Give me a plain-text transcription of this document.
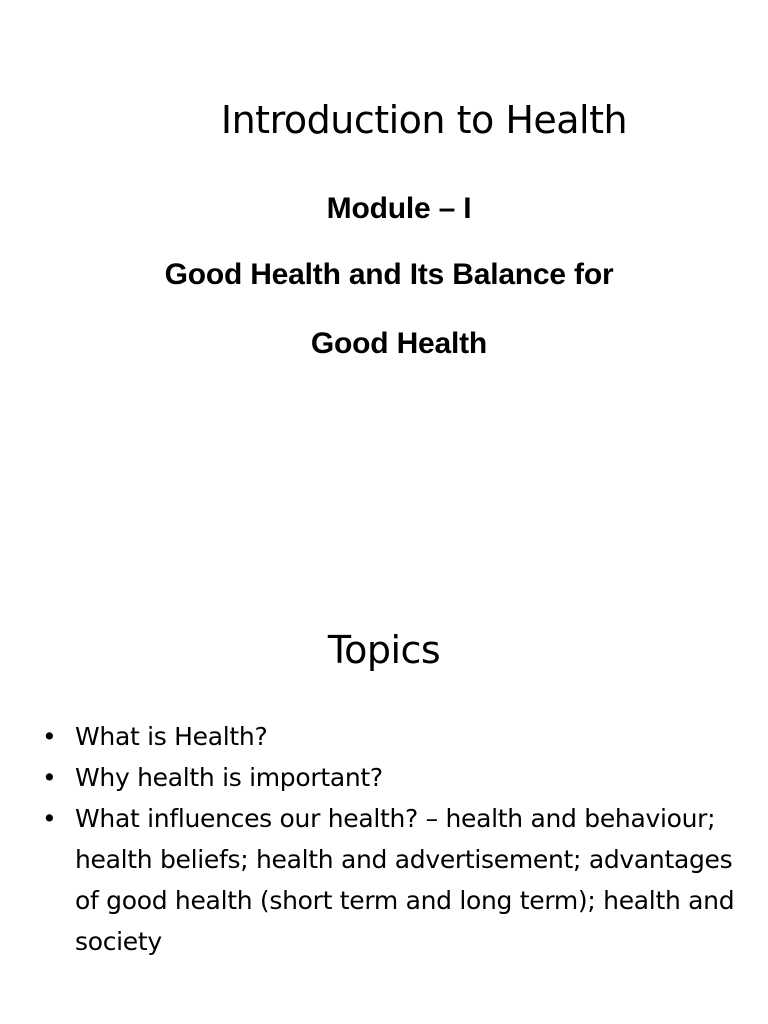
Introduction to Health
Module – I
Good Health and Its Balance for
Good Health
Topics
• What is Health?
• Why health is important?
• What influences our health? – health and behaviour; health beliefs; health and advertisement; advantages of good health (short term and long term); health and society
